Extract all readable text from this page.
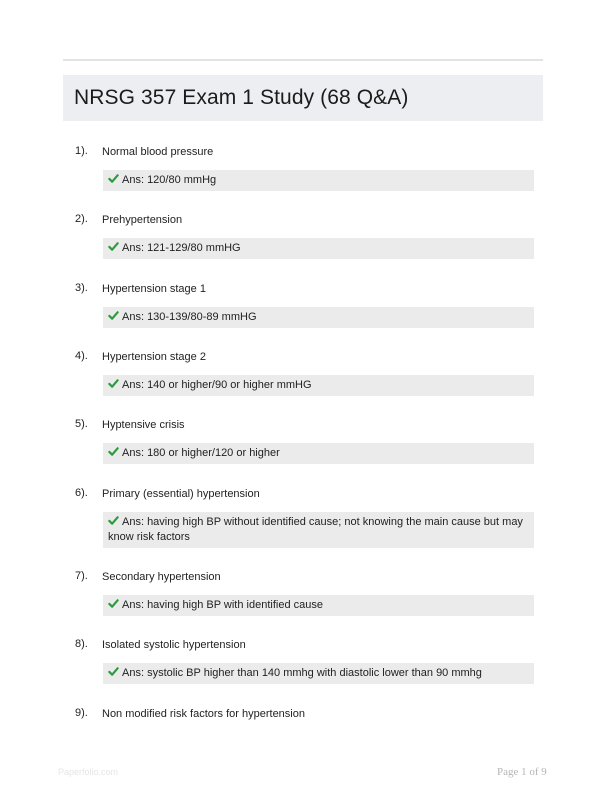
NRSG 357 Exam 1 Study (68 Q&A)
1). Normal blood pressure
Ans: 120/80 mmHg
2). Prehypertension
Ans: 121-129/80 mmHG
3). Hypertension stage 1
Ans: 130-139/80-89 mmHG
4). Hypertension stage 2
Ans: 140 or higher/90 or higher mmHG
5). Hyptensive crisis
Ans: 180 or higher/120 or higher
6). Primary (essential) hypertension
Ans: having high BP without identified cause; not knowing the main cause but may know risk factors
7). Secondary hypertension
Ans: having high BP with identified cause
8). Isolated systolic hypertension
Ans: systolic BP higher than 140 mmhg with diastolic lower than 90 mmhg
9). Non modified risk factors for hypertension
Paperfolio.com	Page 1 of 9
